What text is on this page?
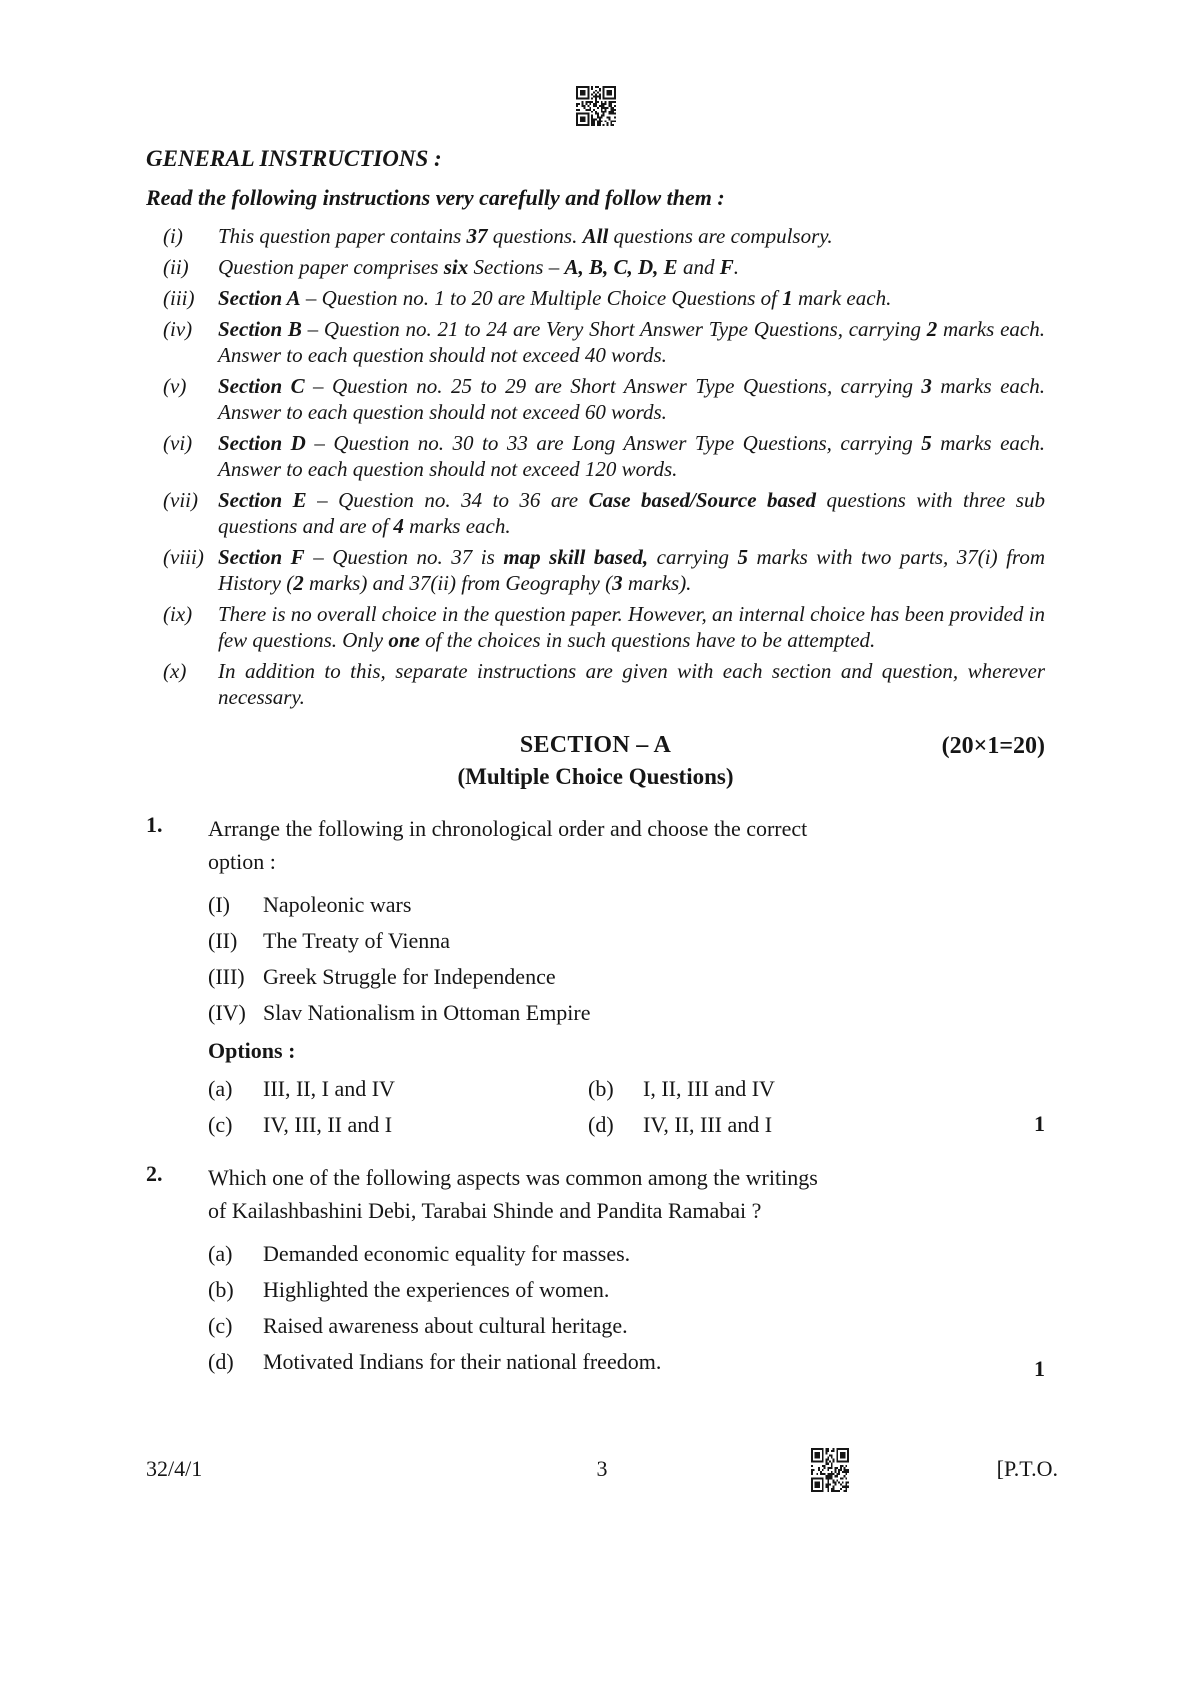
GENERAL INSTRUCTIONS :
Read the following instructions very carefully and follow them :
(i)	This question paper contains 37 questions. All questions are compulsory.
(ii)	Question paper comprises six Sections – A, B, C, D, E and F.
(iii)	Section A – Question no. 1 to 20 are Multiple Choice Questions of 1 mark each.
(iv)	Section B – Question no. 21 to 24 are Very Short Answer Type Questions, carrying 2 marks each. Answer to each question should not exceed 40 words.
(v)	Section C – Question no. 25 to 29 are Short Answer Type Questions, carrying 3 marks each. Answer to each question should not exceed 60 words.
(vi)	Section D – Question no. 30 to 33 are Long Answer Type Questions, carrying 5 marks each. Answer to each question should not exceed 120 words.
(vii) Section E – Question no. 34 to 36 are Case based/Source based questions with three sub questions and are of 4 marks each.
(viii) Section F – Question no. 37 is map skill based, carrying 5 marks with two parts, 37(i) from History (2 marks) and 37(ii) from Geography (3 marks).
(ix)	There is no overall choice in the question paper. However, an internal choice has been provided in few questions. Only one of the choices in such questions have to be attempted.
(x)	In addition to this, separate instructions are given with each section and question, wherever necessary.
SECTION – A	(20×1=20)
(Multiple Choice Questions)
1.	Arrange the following in chronological order and choose the correct
option :
1
(I)	Napoleonic wars
(II)	The Treaty of Vienna
(III) Greek Struggle for Independence
(IV) Slav Nationalism in Ottoman Empire
Options :
(a)	III, II, I and IV	(b)	I, II, III and IV
(c)	IV, III, II and I	(d)	IV, II, III and I
2.	Which one of the following aspects was common among the writings
of Kailashbashini Debi, Tarabai Shinde and Pandita Ramabai ?
1
(a)	Demanded economic equality for masses.
(b)	Highlighted the experiences of women.
(c)	Raised awareness about cultural heritage.
(d)	Motivated Indians for their national freedom.
32/4/1	3	[P.T.O.
